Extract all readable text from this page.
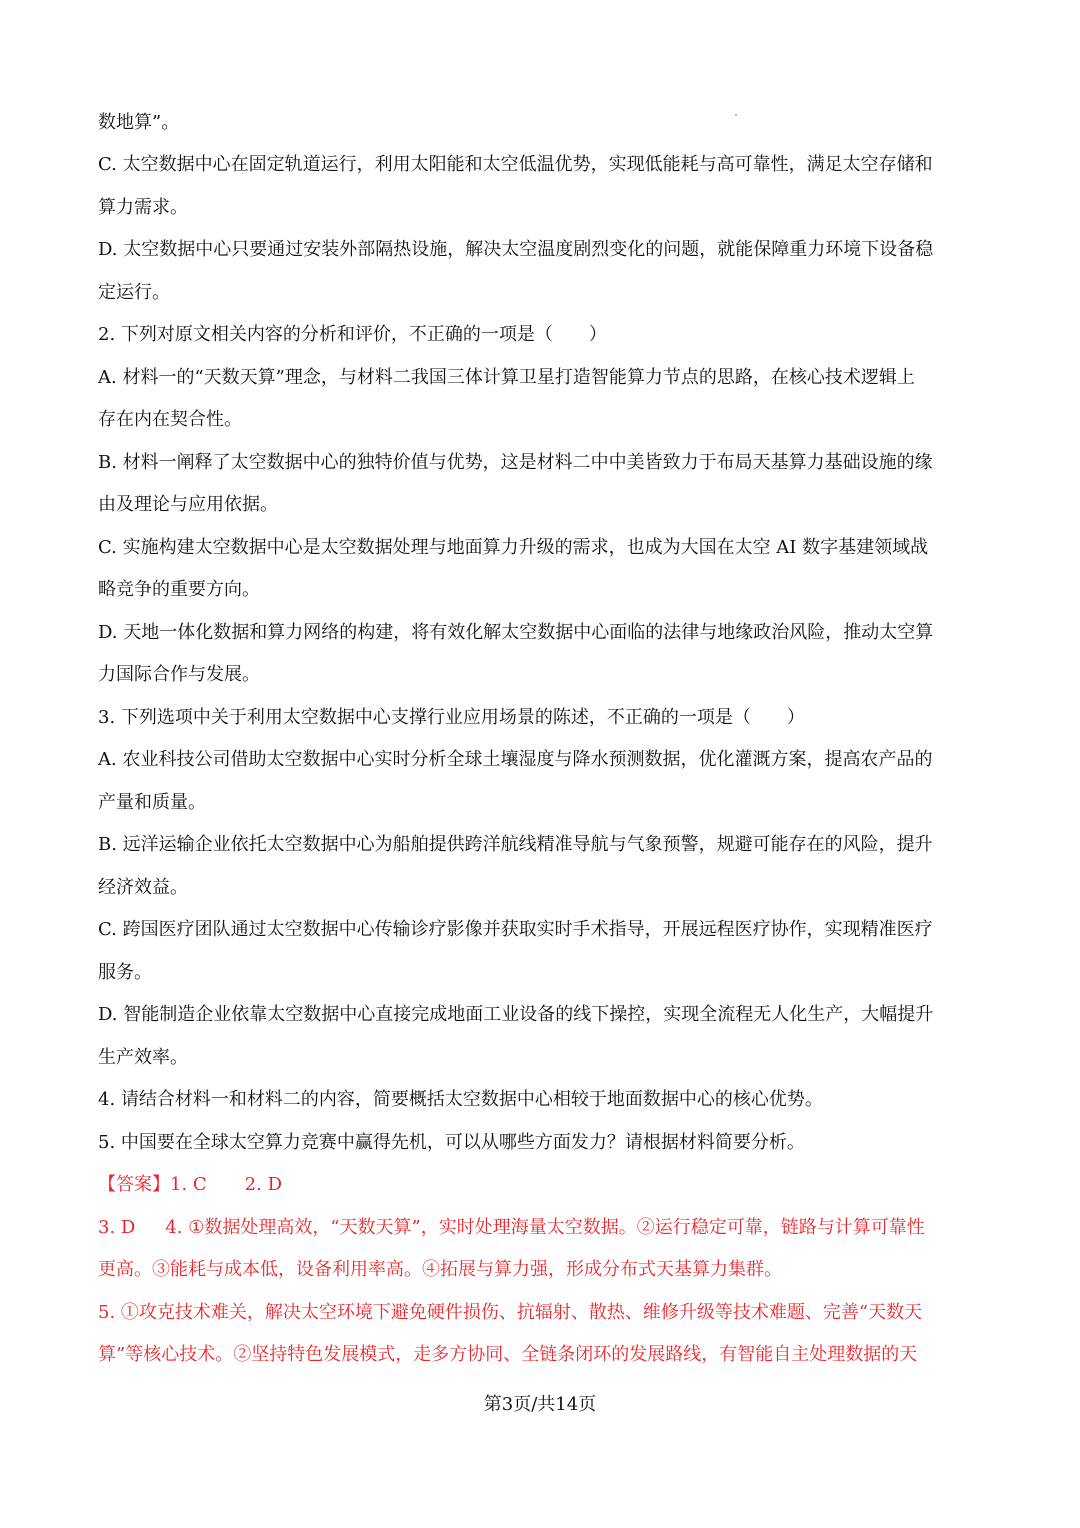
数地算”。
C. 太空数据中心在固定轨道运行，利用太阳能和太空低温优势，实现低能耗与高可靠性，满足太空存储和
算力需求。
D. 太空数据中心只要通过安装外部隔热设施，解决太空温度剧烈变化的问题，就能保障重力环境下设备稳
定运行。
2. 下列对原文相关内容的分析和评价，不正确的一项是（　　）
A. 材料一的“天数天算”理念，与材料二我国三体计算卫星打造智能算力节点的思路，在核心技术逻辑上
存在内在契合性。
B. 材料一阐释了太空数据中心的独特价值与优势，这是材料二中中美皆致力于布局天基算力基础设施的缘
由及理论与应用依据。
C. 实施构建太空数据中心是太空数据处理与地面算力升级的需求，也成为大国在太空 AI 数字基建领域战
略竞争的重要方向。
D. 天地一体化数据和算力网络的构建，将有效化解太空数据中心面临的法律与地缘政治风险，推动太空算
力国际合作与发展。
3. 下列选项中关于利用太空数据中心支撑行业应用场景的陈述，不正确的一项是（　　）
A. 农业科技公司借助太空数据中心实时分析全球土壤湿度与降水预测数据，优化灌溉方案，提高农产品的
产量和质量。
B. 远洋运输企业依托太空数据中心为船舶提供跨洋航线精准导航与气象预警，规避可能存在的风险，提升
经济效益。
C. 跨国医疗团队通过太空数据中心传输诊疗影像并获取实时手术指导，开展远程医疗协作，实现精准医疗
服务。
D. 智能制造企业依靠太空数据中心直接完成地面工业设备的线下操控，实现全流程无人化生产，大幅提升
生产效率。
4. 请结合材料一和材料二的内容，简要概括太空数据中心相较于地面数据中心的核心优势。
5. 中国要在全球太空算力竞赛中赢得先机，可以从哪些方面发力？请根据材料简要分析。
【答案】1. C 2. D
3. D 4. ①数据处理高效，“天数天算”，实时处理海量太空数据。②运行稳定可靠，链路与计算可靠性
更高。③能耗与成本低，设备利用率高。④拓展与算力强，形成分布式天基算力集群。
5. ①攻克技术难关，解决太空环境下避免硬件损伤、抗辐射、散热、维修升级等技术难题、完善“天数天
算”等核心技术。②坚持特色发展模式，走多方协同、全链条闭环的发展路线，有智能自主处理数据的天
第3页/共14页
